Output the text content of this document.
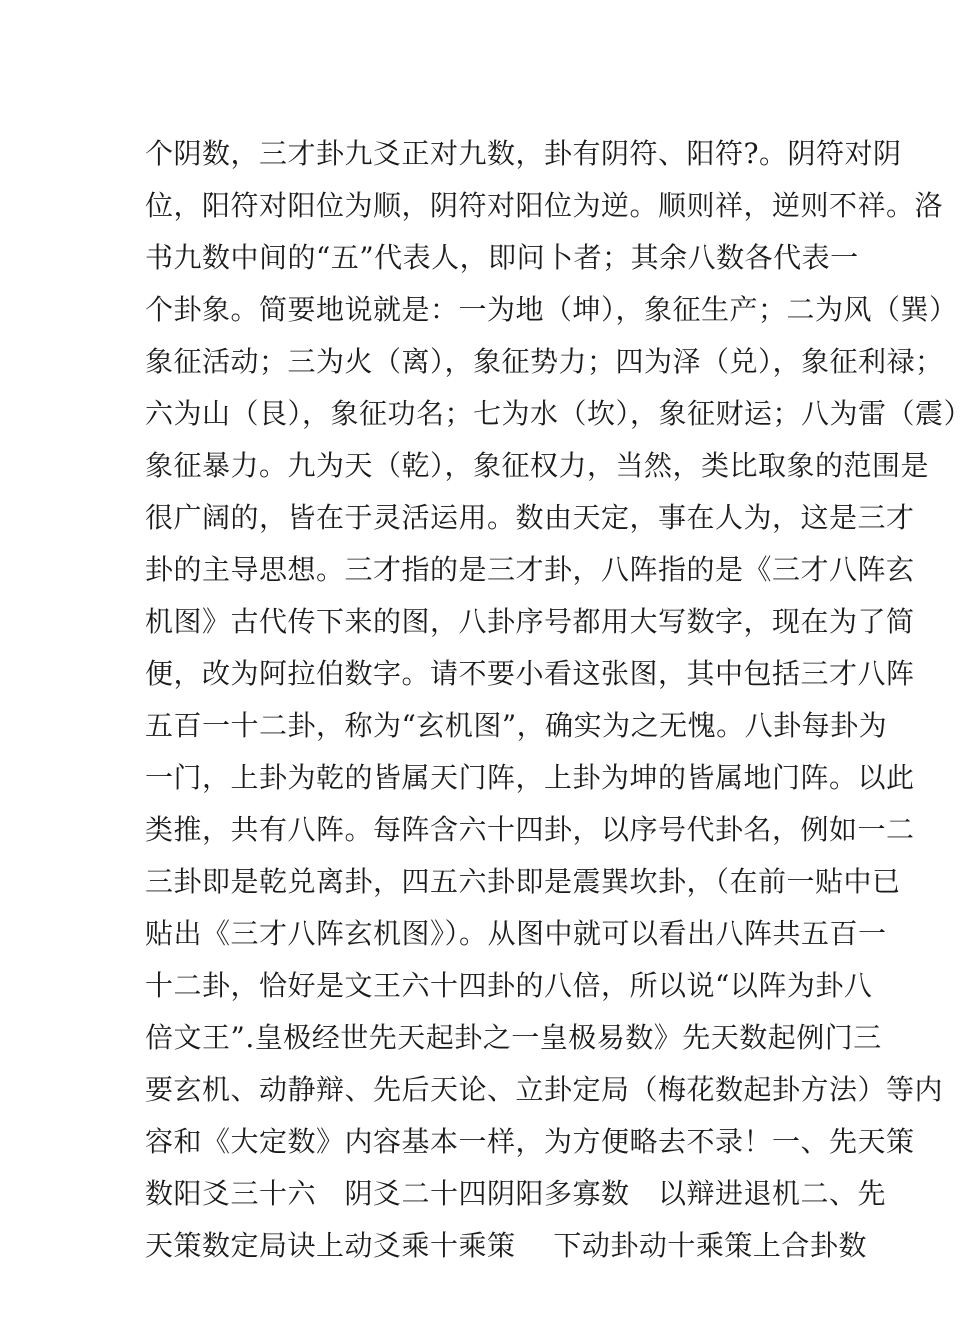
个阴数，三才卦九爻正对九数，卦有阴符、阳符?。阴符对阴
位，阳符对阳位为顺，阴符对阳位为逆。顺则祥，逆则不祥。洛
书九数中间的“五”代表人，即问卜者；其余八数各代表一
个卦象。简要地说就是：一为地（坤），象征生产；二为风（巽）
象征活动；三为火（离），象征势力；四为泽（兑），象征利禄；
六为山（艮），象征功名；七为水（坎），象征财运；八为雷（震）
象征暴力。九为天（乾），象征权力，当然，类比取象的范围是
很广阔的，皆在于灵活运用。数由天定，事在人为，这是三才
卦的主导思想。三才指的是三才卦，八阵指的是《三才八阵玄
机图》古代传下来的图，八卦序号都用大写数字，现在为了简
便，改为阿拉伯数字。请不要小看这张图，其中包括三才八阵
五百一十二卦，称为“玄机图”，确实为之无愧。八卦每卦为
一门，上卦为乾的皆属天门阵，上卦为坤的皆属地门阵。以此
类推，共有八阵。每阵含六十四卦，以序号代卦名，例如一二
三卦即是乾兑离卦，四五六卦即是震巽坎卦，（在前一贴中已
贴出《三才八阵玄机图》）。从图中就可以看出八阵共五百一
十二卦，恰好是文王六十四卦的八倍，所以说“以阵为卦八
倍文王”.皇极经世先天起卦之一皇极易数》先天数起例门三
要玄机、动静辩、先后天论、立卦定局（梅花数起卦方法）等内
容和《大定数》内容基本一样，为方便略去不录！一、先天策
数阳爻三十六　阴爻二十四阴阳多寡数　以辩进退机二、先
天策数定局诀上动爻乘十乘策　 下动卦动十乘策上合卦数
